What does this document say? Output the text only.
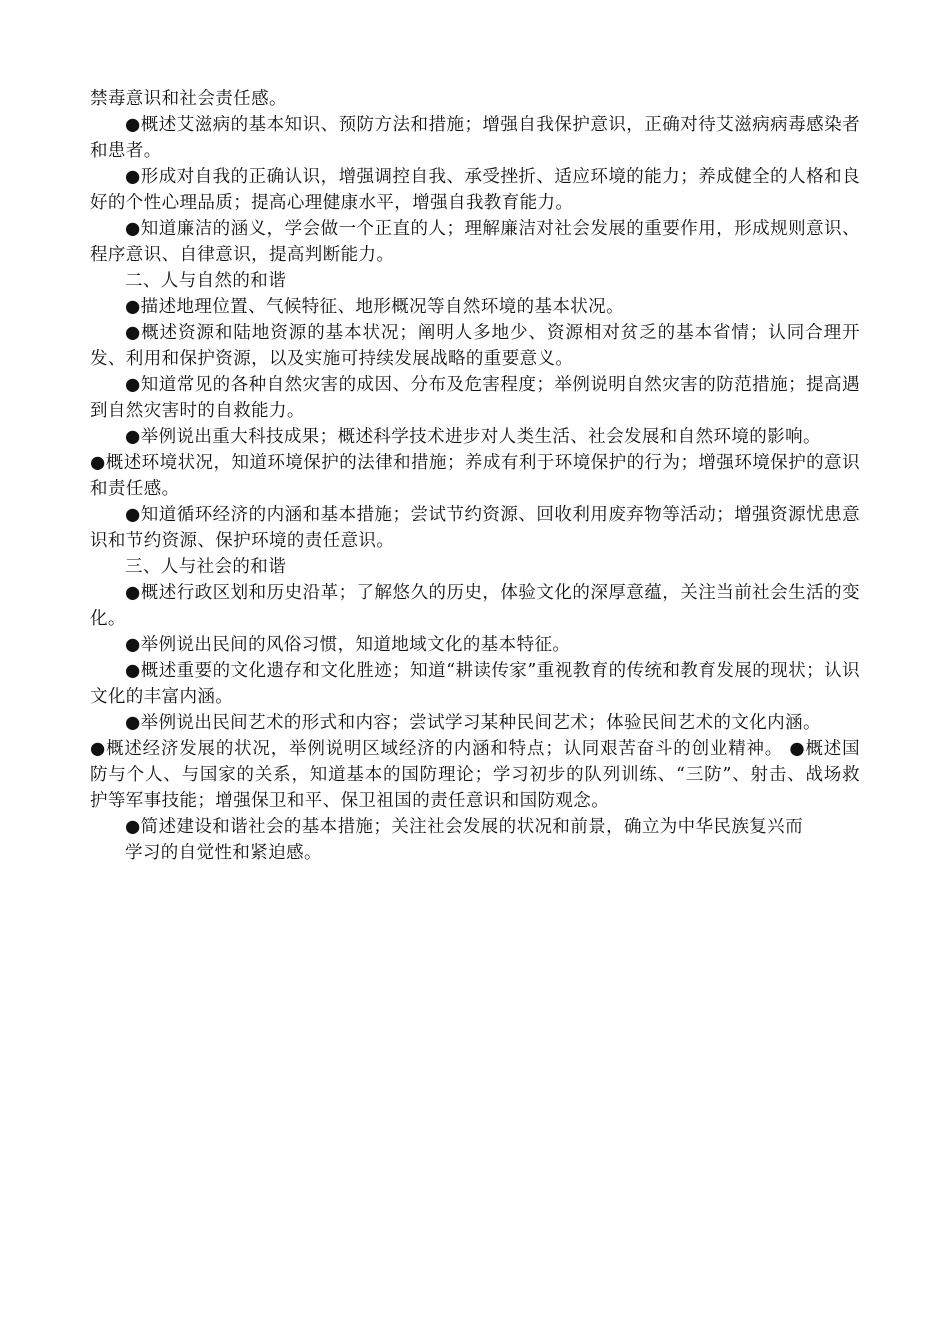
禁毒意识和社会责任感。

●概述艾滋病的基本知识、预防方法和措施；增强自我保护意识，正确对待艾滋病病毒感染者和患者。

●形成对自我的正确认识，增强调控自我、承受挫折、适应环境的能力；养成健全的人格和良好的个性心理品质；提高心理健康水平，增强自我教育能力。

●知道廉洁的涵义，学会做一个正直的人；理解廉洁对社会发展的重要作用，形成规则意识、程序意识、自律意识，提高判断能力。

二、人与自然的和谐

●描述地理位置、气候特征、地形概况等自然环境的基本状况。

●概述资源和陆地资源的基本状况；阐明人多地少、资源相对贫乏的基本省情；认同合理开发、利用和保护资源，以及实施可持续发展战略的重要意义。

●知道常见的各种自然灾害的成因、分布及危害程度；举例说明自然灾害的防范措施；提高遇到自然灾害时的自救能力。

●举例说出重大科技成果；概述科学技术进步对人类生活、社会发展和自然环境的影响。

●概述环境状况，知道环境保护的法律和措施；养成有利于环境保护的行为；增强环境保护的意识和责任感。

●知道循环经济的内涵和基本措施；尝试节约资源、回收利用废弃物等活动；增强资源忧患意识和节约资源、保护环境的责任意识。

三、人与社会的和谐

●概述行政区划和历史沿革；了解悠久的历史，体验文化的深厚意蕴，关注当前社会生活的变化。

●举例说出民间的风俗习惯，知道地域文化的基本特征。

●概述重要的文化遗存和文化胜迹；知道“耕读传家”重视教育的传统和教育发展的现状；认识文化的丰富内涵。

●举例说出民间艺术的形式和内容；尝试学习某种民间艺术；体验民间艺术的文化内涵。

●概述经济发展的状况，举例说明区域经济的内涵和特点；认同艰苦奋斗的创业精神。 ●概述国防与个人、与国家的关系，知道基本的国防理论；学习初步的队列训练、“三防”、射击、战场救护等军事技能；增强保卫和平、保卫祖国的责任意识和国防观念。

●简述建设和谐社会的基本措施；关注社会发展的状况和前景，确立为中华民族复兴而

学习的自觉性和紧迫感。
